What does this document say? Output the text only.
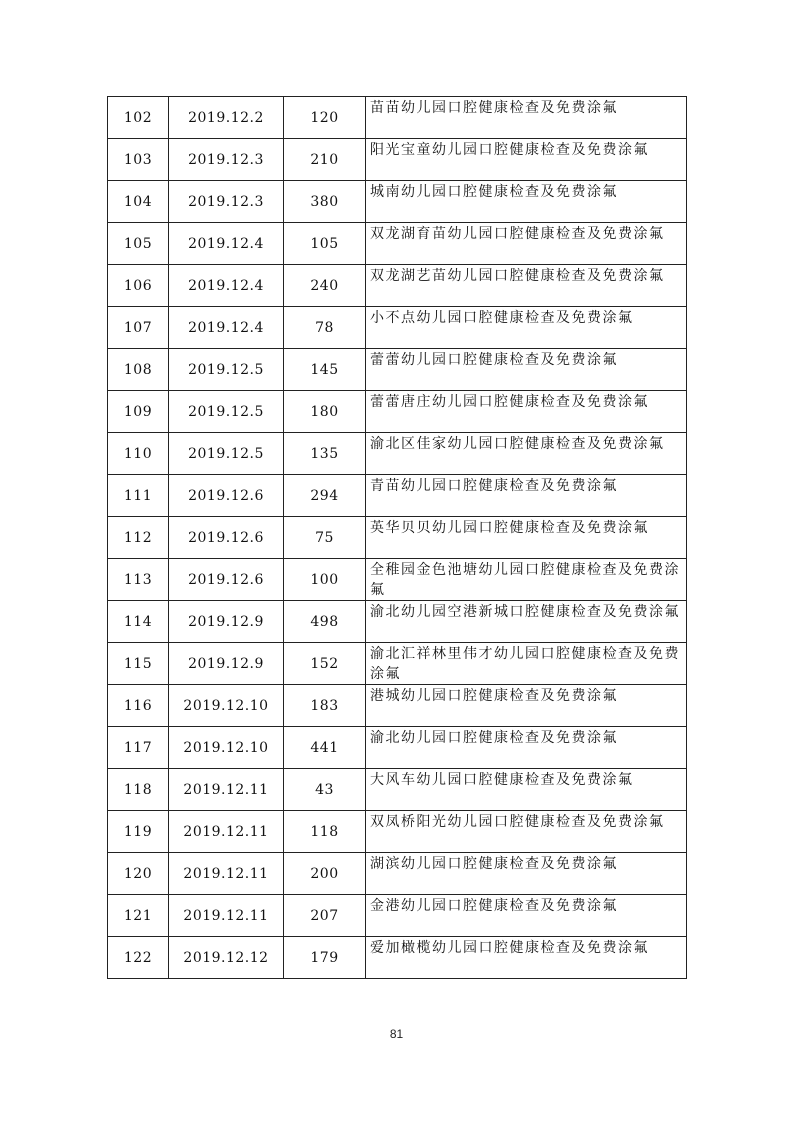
102	2019.12.2	120	苗苗幼儿园口腔健康检查及免费涂氟
103	2019.12.3	210	阳光宝童幼儿园口腔健康检查及免费涂氟
104	2019.12.3	380	城南幼儿园口腔健康检查及免费涂氟
105	2019.12.4	105	双龙湖育苗幼儿园口腔健康检查及免费涂氟
106	2019.12.4	240	双龙湖艺苗幼儿园口腔健康检查及免费涂氟
107	2019.12.4	78	小不点幼儿园口腔健康检查及免费涂氟
108	2019.12.5	145	蕾蕾幼儿园口腔健康检查及免费涂氟
109	2019.12.5	180	蕾蕾唐庄幼儿园口腔健康检查及免费涂氟
110	2019.12.5	135	渝北区佳家幼儿园口腔健康检查及免费涂氟
111	2019.12.6	294	青苗幼儿园口腔健康检查及免费涂氟
112	2019.12.6	75	英华贝贝幼儿园口腔健康检查及免费涂氟
113	2019.12.6	100	全稚园金色池塘幼儿园口腔健康检查及免费涂氟
114	2019.12.9	498	渝北幼儿园空港新城口腔健康检查及免费涂氟
115	2019.12.9	152	渝北汇祥林里伟才幼儿园口腔健康检查及免费涂氟
116	2019.12.10	183	港城幼儿园口腔健康检查及免费涂氟
117	2019.12.10	441	渝北幼儿园口腔健康检查及免费涂氟
118	2019.12.11	43	大风车幼儿园口腔健康检查及免费涂氟
119	2019.12.11	118	双凤桥阳光幼儿园口腔健康检查及免费涂氟
120	2019.12.11	200	湖滨幼儿园口腔健康检查及免费涂氟
121	2019.12.11	207	金港幼儿园口腔健康检查及免费涂氟
122	2019.12.12	179	爱加橄榄幼儿园口腔健康检查及免费涂氟
81
